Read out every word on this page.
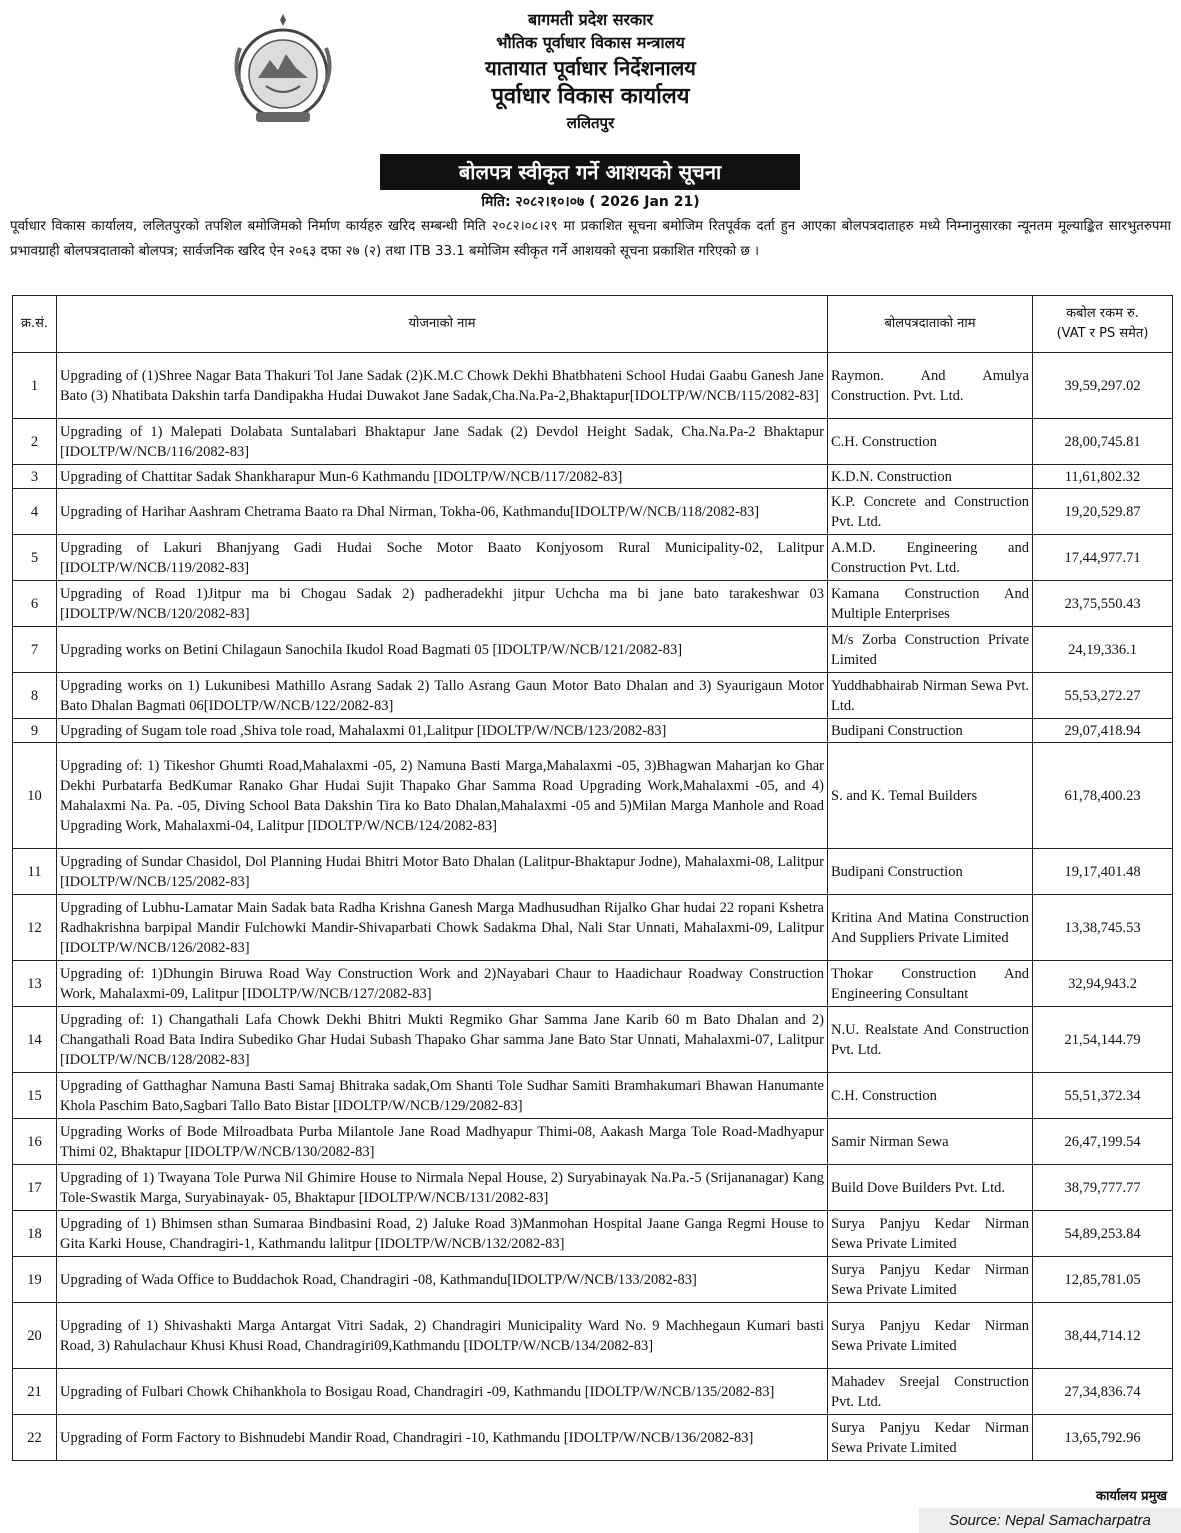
बागमती प्रदेश सरकार
भौतिक पूर्वाधार विकास मन्त्रालय
यातायात पूर्वाधार निर्देशनालय
पूर्वाधार विकास कार्यालय
ललितपुर
बोलपत्र स्वीकृत गर्ने आशयको सूचना
मिति: २०८२।१०।०७ ( 2026 Jan 21)
पूर्वाधार विकास कार्यालय, ललितपुरको तपशिल बमोजिमको निर्माण कार्यहरु खरिद सम्बन्धी मिति २०८२।०८।२९ मा प्रकाशित सूचना बमोजिम रितपूर्वक दर्ता हुन आएका बोलपत्रदाताहरु मध्ये निम्नानुसारका न्यूनतम मूल्याङ्कित सारभुतरुपमा प्रभावग्राही बोलपत्रदाताको बोलपत्र; सार्वजनिक खरिद ऐन २०६३ दफा २७ (२) तथा ITB 33.1 बमोजिम स्वीकृत गर्ने आशयको सूचना प्रकाशित गरिएको छ ।
क्र.सं.	योजनाको नाम	बोलपत्रदाताको नाम	कबोल रकम रु.
(VAT र PS समेत)

1	Upgrading of (1)Shree Nagar Bata Thakuri Tol Jane Sadak (2)K.M.C Chowk Dekhi Bhatbhateni School Hudai Gaabu Ganesh Jane Bato (3) Nhatibata Dakshin tarfa Dandipakha Hudai Duwakot Jane Sadak,Cha.Na.Pa-2,Bhaktapur[IDOLTP/W/NCB/115/2082-83]	Raymon. And Amulya Construction. Pvt. Ltd.	39,59,297.02
2	Upgrading of 1) Malepati Dolabata Suntalabari Bhaktapur Jane Sadak (2) Devdol Height Sadak, Cha.Na.Pa-2 Bhaktapur [IDOLTP/W/NCB/116/2082-83]	C.H. Construction	28,00,745.81
3	Upgrading of Chattitar Sadak Shankharapur Mun-6 Kathmandu [IDOLTP/W/NCB/117/2082-83]	K.D.N. Construction	11,61,802.32
4	Upgrading of Harihar Aashram Chetrama Baato ra Dhal Nirman, Tokha-06, Kathmandu[IDOLTP/W/NCB/118/2082-83]	K.P. Concrete and Construction Pvt. Ltd.	19,20,529.87
5	Upgrading of Lakuri Bhanjyang Gadi Hudai Soche Motor Baato Konjyosom Rural Municipality-02, Lalitpur [IDOLTP/W/NCB/119/2082-83]	A.M.D. Engineering and Construction Pvt. Ltd.	17,44,977.71
6	Upgrading of Road 1)Jitpur ma bi Chogau Sadak 2) padheradekhi jitpur Uchcha ma bi jane bato tarakeshwar 03 [IDOLTP/W/NCB/120/2082-83]	Kamana Construction And Multiple Enterprises	23,75,550.43
7	Upgrading works on Betini Chilagaun Sanochila Ikudol Road Bagmati 05 [IDOLTP/W/NCB/121/2082-83]	M/s Zorba Construction Private Limited	24,19,336.1
8	Upgrading works on 1) Lukunibesi Mathillo Asrang Sadak 2) Tallo Asrang Gaun Motor Bato Dhalan and 3) Syaurigaun Motor Bato Dhalan Bagmati 06[IDOLTP/W/NCB/122/2082-83]	Yuddhabhairab Nirman Sewa Pvt. Ltd.	55,53,272.27
9	Upgrading of Sugam tole road ,Shiva tole road, Mahalaxmi 01,Lalitpur [IDOLTP/W/NCB/123/2082-83]	Budipani Construction	29,07,418.94
10	Upgrading of: 1) Tikeshor Ghumti Road,Mahalaxmi -05, 2) Namuna Basti Marga,Mahalaxmi -05, 3)Bhagwan Maharjan ko Ghar Dekhi Purbatarfa BedKumar Ranako Ghar Hudai Sujit Thapako Ghar Samma Road Upgrading Work,Mahalaxmi -05, and 4) Mahalaxmi Na. Pa. -05, Diving School Bata Dakshin Tira ko Bato Dhalan,Mahalaxmi -05 and 5)Milan Marga Manhole and Road Upgrading Work, Mahalaxmi-04, Lalitpur [IDOLTP/W/NCB/124/2082-83]	S. and K. Temal Builders	61,78,400.23
11	Upgrading of Sundar Chasidol, Dol Planning Hudai Bhitri Motor Bato Dhalan (Lalitpur-Bhaktapur Jodne), Mahalaxmi-08, Lalitpur [IDOLTP/W/NCB/125/2082-83]	Budipani Construction	19,17,401.48
12	Upgrading of Lubhu-Lamatar Main Sadak bata Radha Krishna Ganesh Marga Madhusudhan Rijalko Ghar hudai 22 ropani Kshetra Radhakrishna barpipal Mandir Fulchowki Mandir-Shivaparbati Chowk Sadakma Dhal, Nali Star Unnati, Mahalaxmi-09, Lalitpur [IDOLTP/W/NCB/126/2082-83]	Kritina And Matina Construction And Suppliers Private Limited	13,38,745.53
13	Upgrading of: 1)Dhungin Biruwa Road Way Construction Work and 2)Nayabari Chaur to Haadichaur Roadway Construction Work, Mahalaxmi-09, Lalitpur [IDOLTP/W/NCB/127/2082-83]	Thokar Construction And Engineering Consultant	32,94,943.2
14	Upgrading of: 1) Changathali Lafa Chowk Dekhi Bhitri Mukti Regmiko Ghar Samma Jane Karib 60 m Bato Dhalan and 2) Changathali Road Bata Indira Subediko Ghar Hudai Subash Thapako Ghar samma Jane Bato Star Unnati, Mahalaxmi-07, Lalitpur [IDOLTP/W/NCB/128/2082-83]	N.U. Realstate And Construction Pvt. Ltd.	21,54,144.79
15	Upgrading of Gatthaghar Namuna Basti Samaj Bhitraka sadak,Om Shanti Tole Sudhar Samiti Bramhakumari Bhawan Hanumante Khola Paschim Bato,Sagbari Tallo Bato Bistar [IDOLTP/W/NCB/129/2082-83]	C.H. Construction	55,51,372.34
16	Upgrading Works of Bode Milroadbata Purba Milantole Jane Road Madhyapur Thimi-08, Aakash Marga Tole Road-Madhyapur Thimi 02, Bhaktapur [IDOLTP/W/NCB/130/2082-83]	Samir Nirman Sewa	26,47,199.54
17	Upgrading of 1) Twayana Tole Purwa Nil Ghimire House to Nirmala Nepal House, 2) Suryabinayak Na.Pa.-5 (Srijananagar) Kang Tole-Swastik Marga, Suryabinayak- 05, Bhaktapur [IDOLTP/W/NCB/131/2082-83]	Build Dove Builders Pvt. Ltd.	38,79,777.77
18	Upgrading of 1) Bhimsen sthan Sumaraa Bindbasini Road, 2) Jaluke Road 3)Manmohan Hospital Jaane Ganga Regmi House to Gita Karki House, Chandragiri-1, Kathmandu lalitpur [IDOLTP/W/NCB/132/2082-83]	Surya Panjyu Kedar Nirman Sewa Private Limited	54,89,253.84
19	Upgrading of Wada Office to Buddachok Road, Chandragiri -08, Kathmandu[IDOLTP/W/NCB/133/2082-83]	Surya Panjyu Kedar Nirman Sewa Private Limited	12,85,781.05
20	Upgrading of 1) Shivashakti Marga Antargat Vitri Sadak, 2) Chandragiri Municipality Ward No. 9 Machhegaun Kumari basti Road, 3) Rahulachaur Khusi Khusi Road, Chandragiri09,Kathmandu [IDOLTP/W/NCB/134/2082-83]	Surya Panjyu Kedar Nirman Sewa Private Limited	38,44,714.12
21	Upgrading of Fulbari Chowk Chihankhola to Bosigau Road, Chandragiri -09, Kathmandu [IDOLTP/W/NCB/135/2082-83]	Mahadev Sreejal Construction Pvt. Ltd.	27,34,836.74
22	Upgrading of Form Factory to Bishnudebi Mandir Road, Chandragiri -10, Kathmandu [IDOLTP/W/NCB/136/2082-83]	Surya Panjyu Kedar Nirman Sewa Private Limited	13,65,792.96
कार्यालय प्रमुख
Source: Nepal Samacharpatra
